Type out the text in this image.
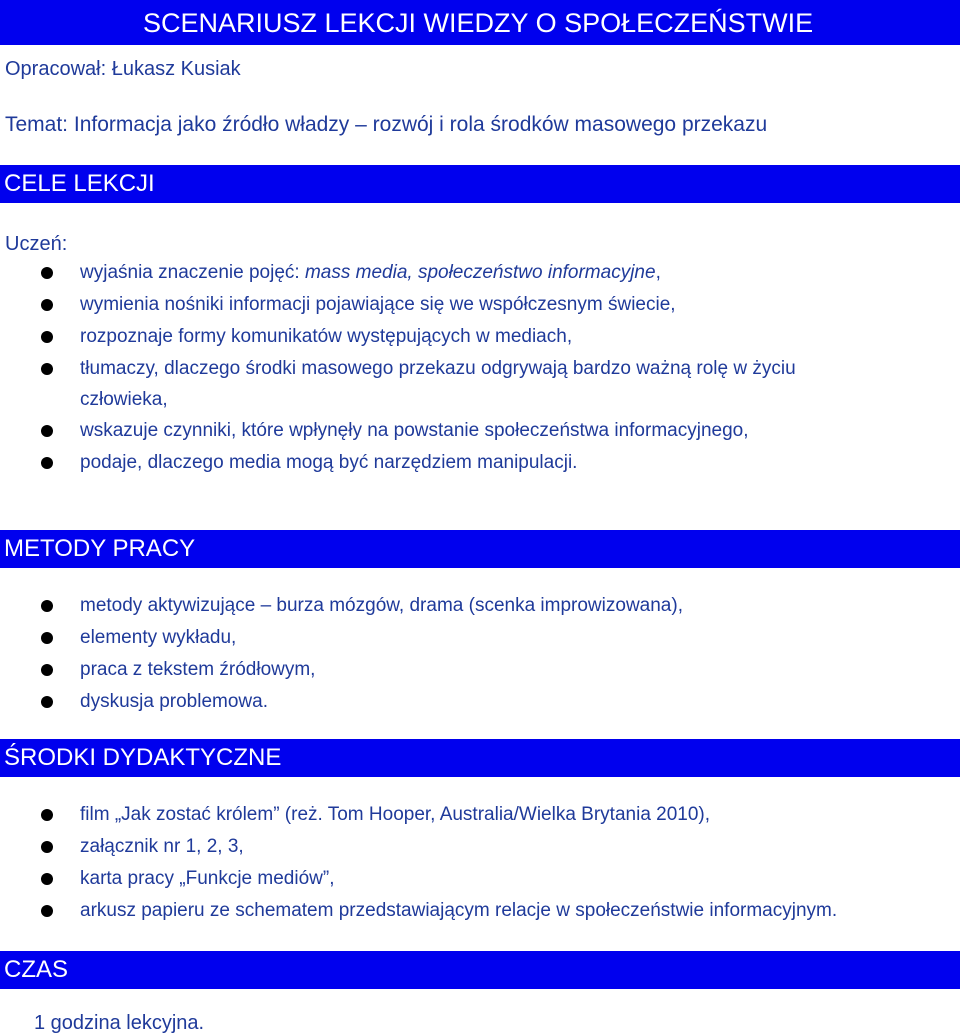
SCENARIUSZ LEKCJI WIEDZY O SPOŁECZEŃSTWIE
Opracował: Łukasz Kusiak
Temat: Informacja jako źródło władzy – rozwój i rola środków masowego przekazu
CELE LEKCJI
Uczeń:
wyjaśnia znaczenie pojęć: mass media, społeczeństwo informacyjne,
wymienia nośniki informacji pojawiające się we współczesnym świecie,
rozpoznaje formy komunikatów występujących w mediach,
tłumaczy, dlaczego środki masowego przekazu odgrywają bardzo ważną rolę w życiu
człowieka,
wskazuje czynniki, które wpłynęły na powstanie społeczeństwa informacyjnego,
podaje, dlaczego media mogą być narzędziem manipulacji.
METODY PRACY
metody aktywizujące – burza mózgów, drama (scenka improwizowana),
elementy wykładu,
praca z tekstem źródłowym,
dyskusja problemowa.
ŚRODKI DYDAKTYCZNE
film „Jak zostać królem” (reż. Tom Hooper, Australia/Wielka Brytania 2010),
załącznik nr 1, 2, 3,
karta pracy „Funkcje mediów”,
arkusz papieru ze schematem przedstawiającym relacje w społeczeństwie informacyjnym.
CZAS
1 godzina lekcyjna.
